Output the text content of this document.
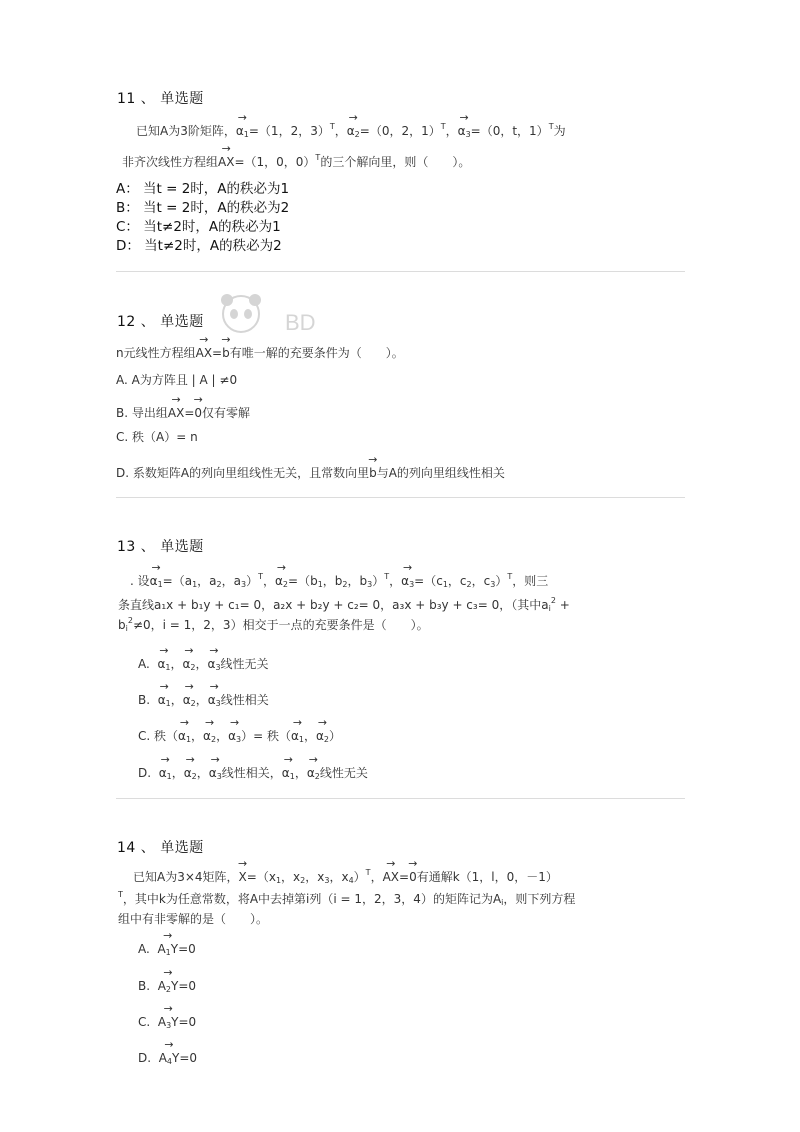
11 、 单选题
已知A为3阶矩阵，→ $\alpha_1=(1$，2，3）$^T$，→ $\alpha_2=(0$，2，1）$^T$，→ $\alpha_3=(0$，t，1）$^T$为
非齐次线性方程组→ AX=（1，0，0）$^T$的三个解向里，则（　　）。
A： 当t = 2时，A的秩必为1
B： 当t = 2时，A的秩必为2
C： 当t≠2时，A的秩必为1
D： 当t≠2时，A的秩必为2
BD
12 、 单选题
n元线性方程组→ AX=→ b有唯一解的充要条件为（　　）。
A. A为方阵且 | A | ≠0
B. 导出组→ AX=→ 0仅有零解
C. 秩（A）= n
D. 系数矩阵A的列向里组线性无关，且常数向里→ b与A的列向里组线性相关
13 、 单选题
. 设→ $\alpha_1=(a_1$，$a_2$，$a_3)^T$，→ $\alpha_2=(b_1$，$b_2$，$b_3)^T$，→ $\alpha_3=(c_1$，$c_2$，$c_3)^T$，则三
条直线a₁x + b₁y + c₁= 0，a₂x + b₂y + c₂= 0，a₃x + b₃y + c₃= 0，（其中$a_i^2$ +
$b_i^2\ne 0$，i = 1，2，3）相交于一点的充要条件是（　　）。
A. → $\alpha_1$，→ $\alpha_2$，→ $\alpha_3$线性无关
B. → $\alpha_1$，→ $\alpha_2$，→ $\alpha_3$线性相关
C. 秩（→ $\alpha_1$，→ $\alpha_2$，→ $\alpha_3)=$ 秩（→ $\alpha_1$，→ $\alpha_2$）
D. → $\alpha_1$，→ $\alpha_2$，→ $\alpha_3$线性相关，→ $\alpha_1$，→ $\alpha_2$线性无关
14 、 单选题
已知A为3×4矩阵，→ $X=(x_1$，$x_2$，$x_3$，$x_4)^T$，→ AX=→ 0有通解k（1，l，0，－1）
$^T$，其中k为任意常数，将A中去掉第i列（i = 1，2，3，4）的矩阵记为$A_i$，则下列方程
组中有非零解的是（　　）。
A. → $A_1Y=0$
B. → $A_2Y=0$
C. → $A_3Y=0$
D. → $A_4Y=0$
